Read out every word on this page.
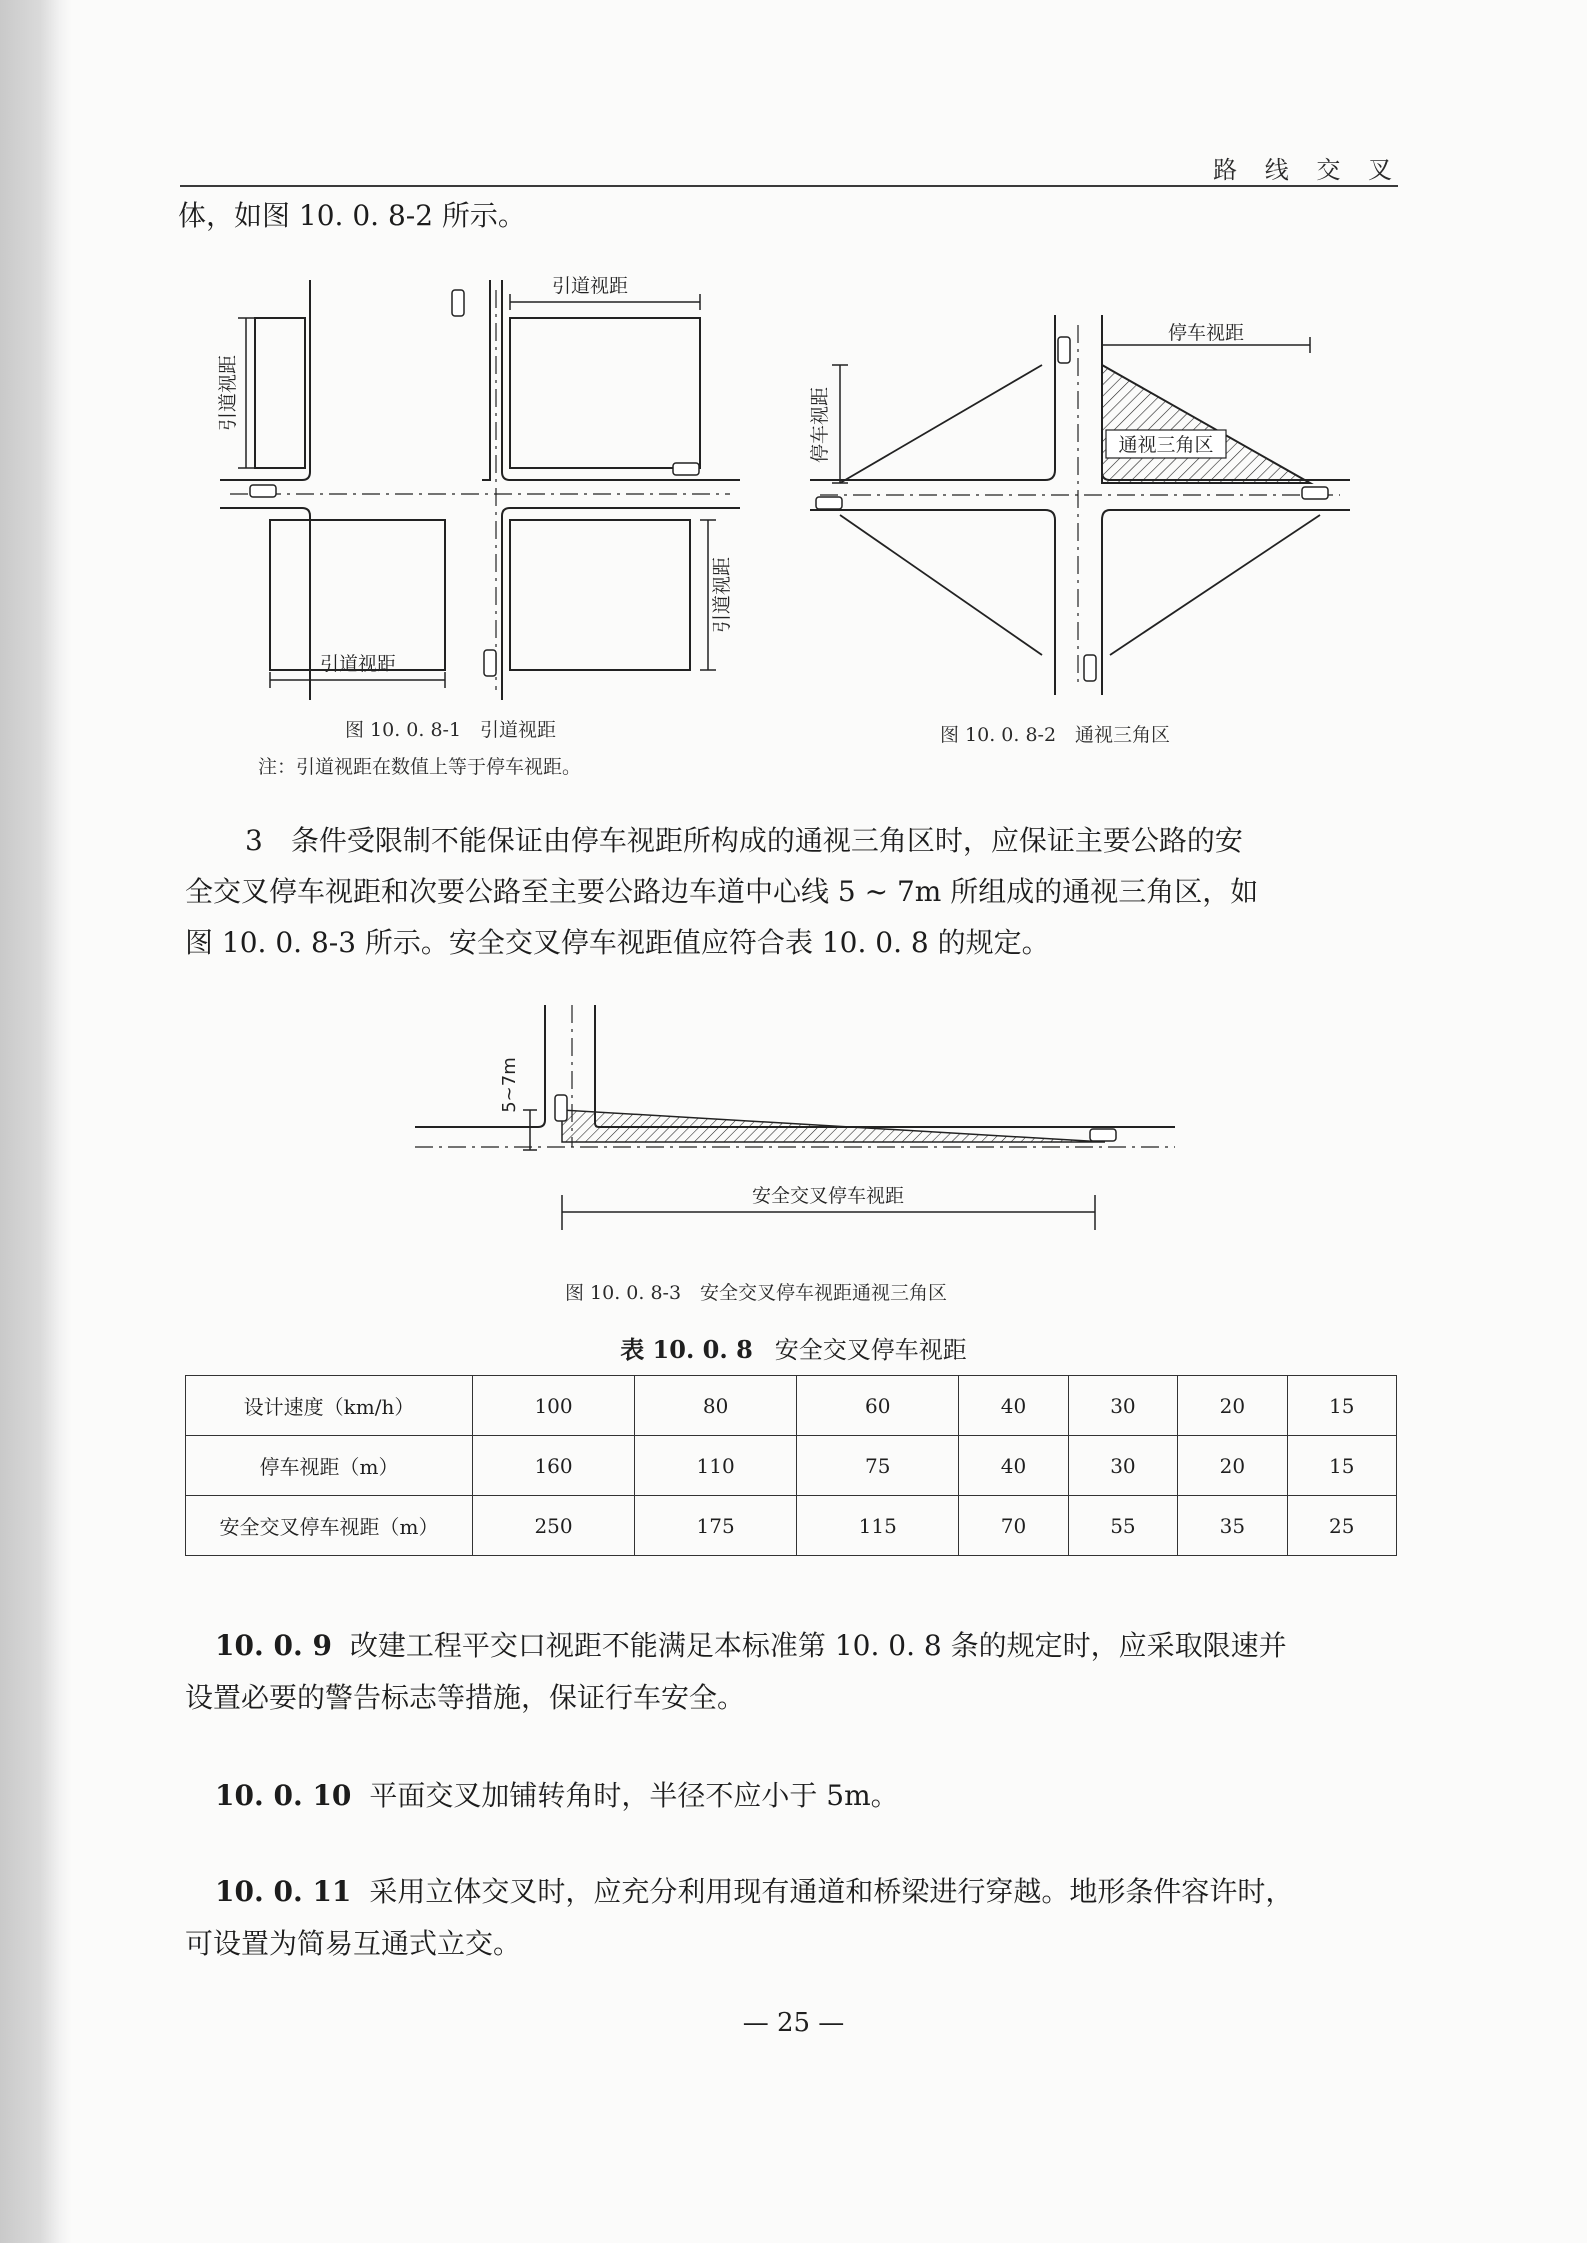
路 线 交 叉
体，如图 10. 0. 8-2 所示。
引道视距
引道视距
引道视距
引道视距
图 10. 0. 8-1　引道视距
注：引道视距在数值上等于停车视距。
通视三角区
停车视距
停车视距
图 10. 0. 8-2　通视三角区
3　条件受限制不能保证由停车视距所构成的通视三角区时，应保证主要公路的安
全交叉停车视距和次要公路至主要公路边车道中心线 5 ~ 7m 所组成的通视三角区，如
图 10. 0. 8-3 所示。安全交叉停车视距值应符合表 10. 0. 8 的规定。
5~7m
安全交叉停车视距
图 10. 0. 8-3　安全交叉停车视距通视三角区
表 10. 0. 8 安全交叉停车视距
设计速度（km/h）	100	80	60	40	30	20	15
停车视距（m）	160	110	75	40	30	20	15
安全交叉停车视距（m）	250	175	115	70	55	35	25
10. 0. 9 改建工程平交口视距不能满足本标准第 10. 0. 8 条的规定时，应采取限速并
设置必要的警告标志等措施，保证行车安全。
10. 0. 10 平面交叉加铺转角时，半径不应小于 5m。
10. 0. 11 采用立体交叉时，应充分利用现有通道和桥梁进行穿越。地形条件容许时，
可设置为简易互通式立交。
— 25 —
